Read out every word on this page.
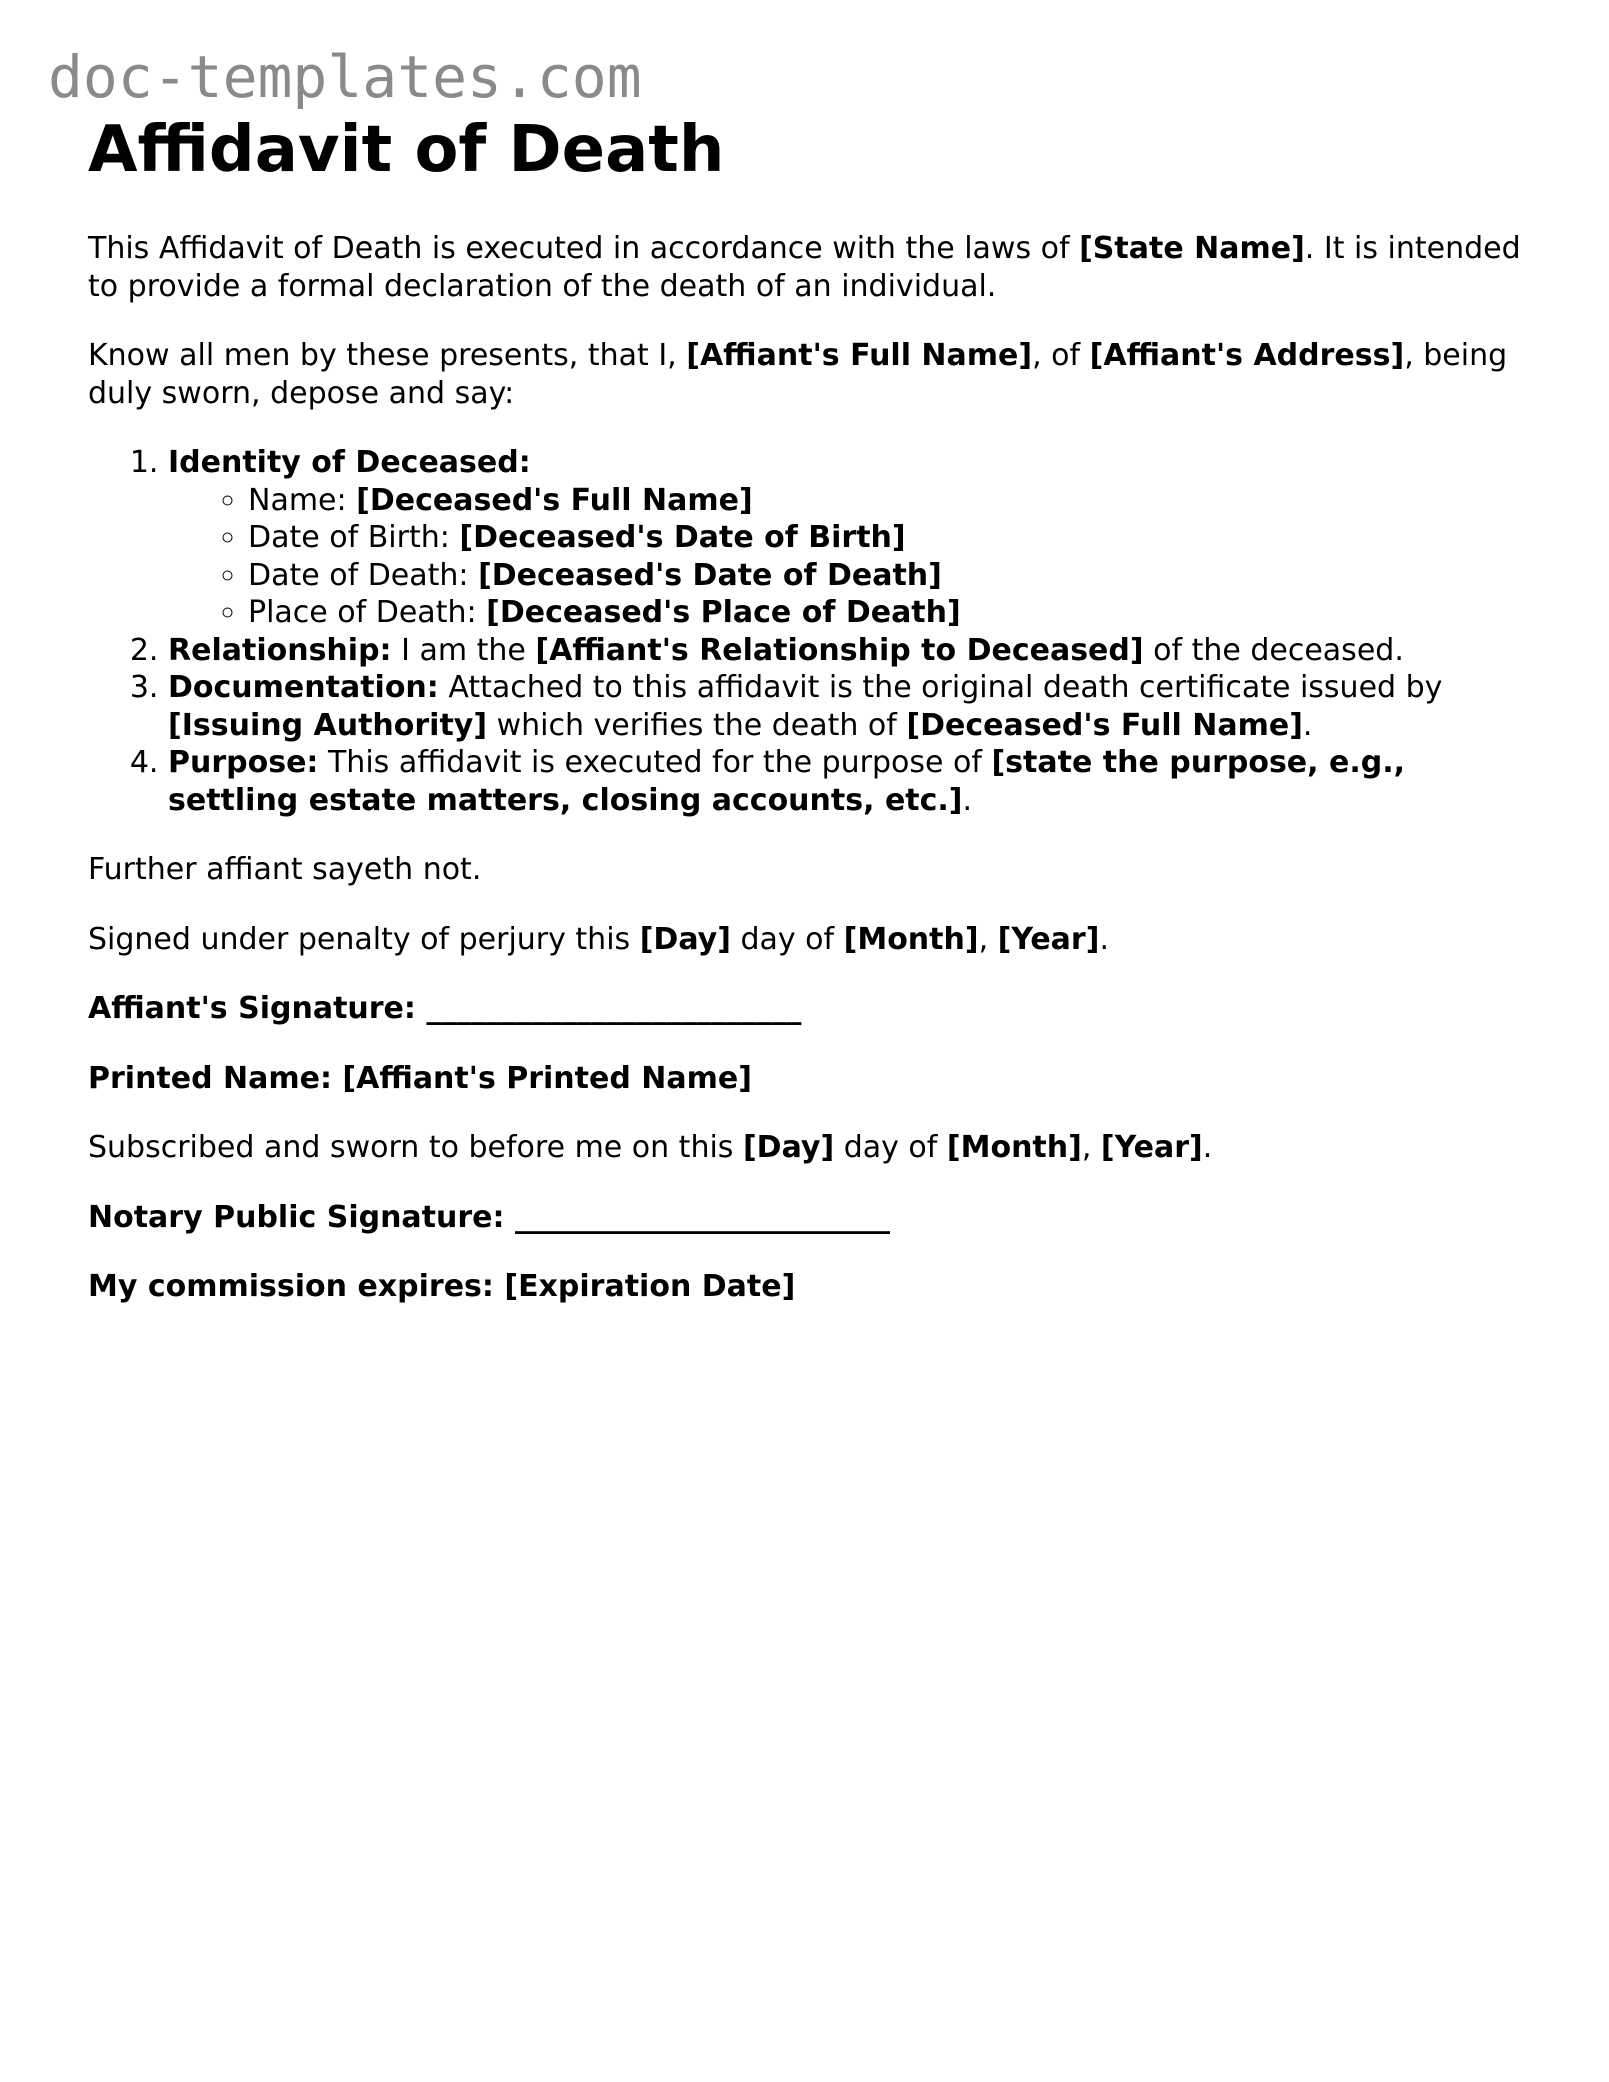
doc-templates.com
Affidavit of Death

This Affidavit of Death is executed in accordance with the laws of [State Name]. It is intended to provide a formal declaration of the death of an individual.

Know all men by these presents, that I, [Affiant's Full Name], of [Affiant's Address], being duly sworn, depose and say:

1. Identity of Deceased:
◦ Name: [Deceased's Full Name]
◦ Date of Birth: [Deceased's Date of Birth]
◦ Date of Death: [Deceased's Date of Death]
◦ Place of Death: [Deceased's Place of Death]
2. Relationship: I am the [Affiant's Relationship to Deceased] of the deceased.
3. Documentation: Attached to this affidavit is the original death certificate issued by [Issuing Authority] which verifies the death of [Deceased's Full Name].
4. Purpose: This affidavit is executed for the purpose of [state the purpose, e.g., settling estate matters, closing accounts, etc.].

Further affiant sayeth not.

Signed under penalty of perjury this [Day] day of [Month], [Year].

Affiant's Signature: _________________________

Printed Name: [Affiant's Printed Name]

Subscribed and sworn to before me on this [Day] day of [Month], [Year].

Notary Public Signature: _________________________

My commission expires: [Expiration Date]
